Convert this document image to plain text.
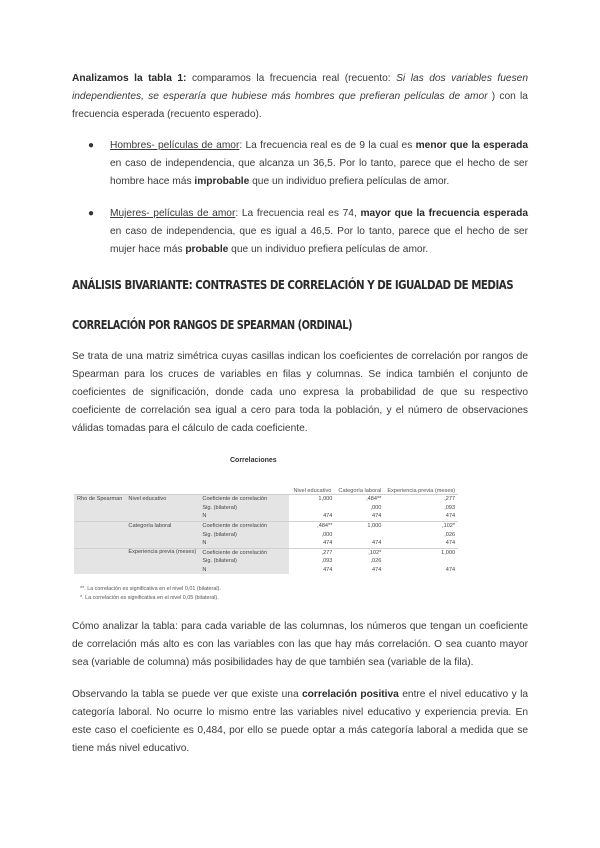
Analizamos la tabla 1: comparamos la frecuencia real (recuento: Si las dos variables fuesen independientes, se esperaría que hubiese más hombres que prefieran películas de amor ) con la frecuencia esperada (recuento esperado).

● Hombres- películas de amor: La frecuencia real es de 9 la cual es menor que la esperada en caso de independencia, que alcanza un 36,5. Por lo tanto, parece que el hecho de ser hombre hace más improbable que un individuo prefiera películas de amor.
● Mujeres- películas de amor: La frecuencia real es 74, mayor que la frecuencia esperada en caso de independencia, que es igual a 46,5. Por lo tanto, parece que el hecho de ser mujer hace más probable que un individuo prefiera películas de amor.
ANÁLISIS BIVARIANTE: CONTRASTES DE CORRELACIÓN Y DE IGUALDAD DE MEDIAS
CORRELACIÓN POR RANGOS DE SPEARMAN (ORDINAL)

Se trata de una matriz simétrica cuyas casillas indican los coeficientes de correlación por rangos de Spearman para los cruces de variables en filas y columnas. Se indica también el conjunto de coeficientes de significación, donde cada uno expresa la probabilidad de que su respectivo coeficiente de correlación sea igual a cero para toda la población, y el número de observaciones válidas tomadas para el cálculo de cada coeficiente.

Correlaciones
			Nivel educativo	Categoría laboral	Experiencia previa (meses)
Rho de Spearman	Nivel educativo	Coeficiente de correlación	1,000	,484**	,277
		Sig. (bilateral)		,000	,093
		N	474	474	474
	Categoría laboral	Coeficiente de correlación	,484**	1,000	,102*
		Sig. (bilateral)	,000		,026
		N	474	474	474
	Experiencia previa (meses)	Coeficiente de correlación	,277	,102*	1,000
		Sig. (bilateral)	,093	,026	
		N	474	474	474
**. La correlación es significativa en el nivel 0,01 (bilateral).
*. La correlación es significativa en el nivel 0,05 (bilateral).

Cómo analizar la tabla: para cada variable de las columnas, los números que tengan un coeficiente de correlación más alto es con las variables con las que hay más correlación. O sea cuanto mayor sea (variable de columna) más posibilidades hay de que también sea (variable de la fila).

Observando la tabla se puede ver que existe una correlación positiva entre el nivel educativo y la categoría laboral. No ocurre lo mismo entre las variables nivel educativo y experiencia previa. En este caso el coeficiente es 0,484, por ello se puede optar a más categoría laboral a medida que se tiene más nivel educativo.
